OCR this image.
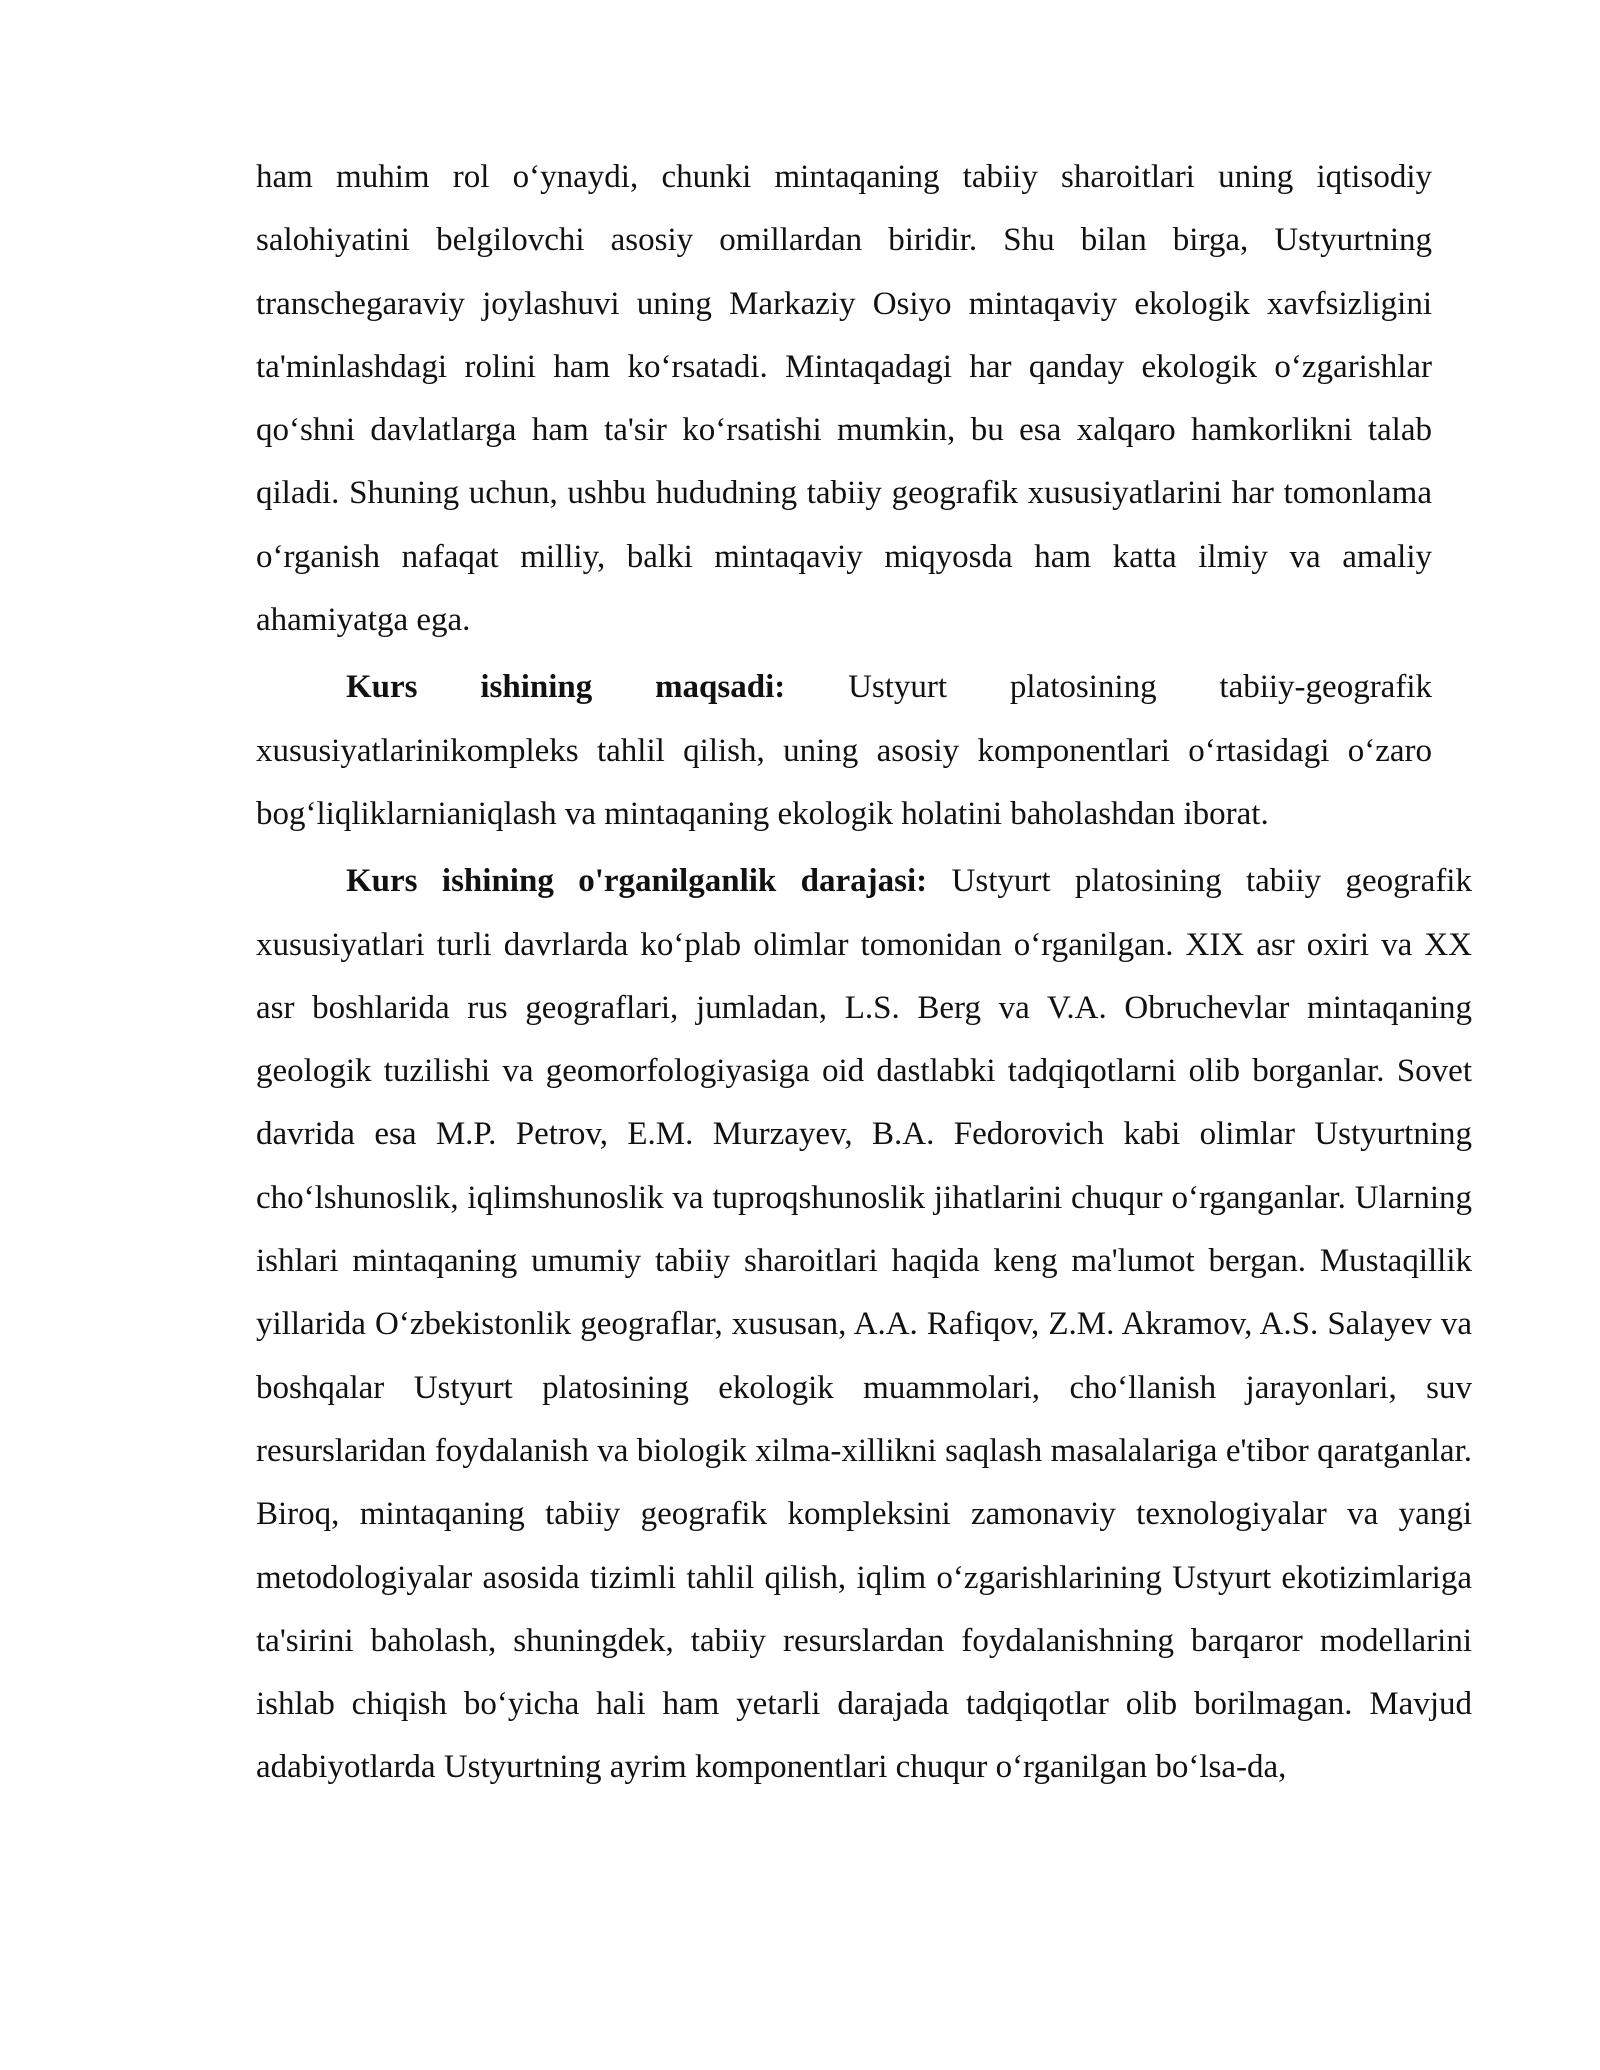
ham muhim rol oʻynaydi, chunki mintaqaning tabiiy sharoitlari uning iqtisodiy salohiyatini belgilovchi asosiy omillardan biridir. Shu bilan birga, Ustyurtning transchegaraviy joylashuvi uning Markaziy Osiyo mintaqaviy ekologik xavfsizligini ta'minlashdagi rolini ham koʻrsatadi. Mintaqadagi har qanday ekologik oʻzgarishlar qoʻshni davlatlarga ham ta'sir koʻrsatishi mumkin, bu esa xalqaro hamkorlikni talab qiladi. Shuning uchun, ushbu hududning tabiiy geografik xususiyatlarini har tomonlama oʻrganish nafaqat milliy, balki mintaqaviy miqyosda ham katta ilmiy va amaliy ahamiyatga ega.

Kurs ishining maqsadi: Ustyurt platosining tabiiy-geografik xususiyatlarinikompleks tahlil qilish, uning asosiy komponentlari oʻrtasidagi oʻzaro bogʻliqliklarnianiqlash va mintaqaning ekologik holatini baholashdan iborat.

Kurs ishining o'rganilganlik darajasi: Ustyurt platosining tabiiy geografik xususiyatlari turli davrlarda koʻplab olimlar tomonidan oʻrganilgan. XIX asr oxiri va XX asr boshlarida rus geograflari, jumladan, L.S. Berg va V.A. Obruchevlar mintaqaning geologik tuzilishi va geomorfologiyasiga oid dastlabki tadqiqotlarni olib borganlar. Sovet davrida esa M.P. Petrov, E.M. Murzayev, B.A. Fedorovich kabi olimlar Ustyurtning choʻlshunoslik, iqlimshunoslik va tuproqshunoslik jihatlarini chuqur oʻrganganlar. Ularning ishlari mintaqaning umumiy tabiiy sharoitlari haqida keng ma'lumot bergan. Mustaqillik yillarida Oʻzbekistonlik geograflar, xususan, A.A. Rafiqov, Z.M. Akramov, A.S. Salayev va boshqalar Ustyurt platosining ekologik muammolari, choʻllanish jarayonlari, suv resurslaridan foydalanish va biologik xilma-xillikni saqlash masalalariga e'tibor qaratganlar. Biroq, mintaqaning tabiiy geografik kompleksini zamonaviy texnologiyalar va yangi metodologiyalar asosida tizimli tahlil qilish, iqlim oʻzgarishlarining Ustyurt ekotizimlariga ta'sirini baholash, shuningdek, tabiiy resurslardan foydalanishning barqaror modellarini ishlab chiqish boʻyicha hali ham yetarli darajada tadqiqotlar olib borilmagan. Mavjud adabiyotlarda Ustyurtning ayrim komponentlari chuqur oʻrganilgan boʻlsa-da,
